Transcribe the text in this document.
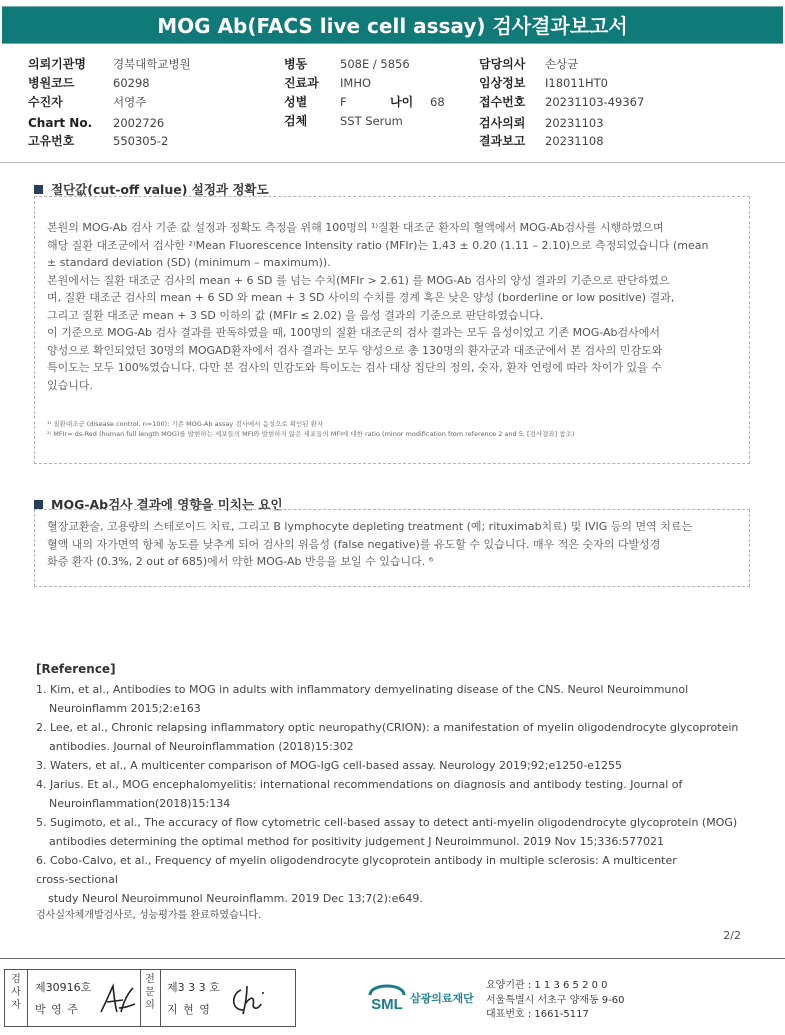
MOG Ab(FACS live cell assay) 검사결과보고서
의뢰기관명 경북대학교병원
병원코드	60298
수진자	서영주
Chart No. 2002726
고유번호	550305-2
병동	508E / 5856
진료과 IMHO
성별	F	나이 68
검체	SST Serum
담당의사 손상균
임상정보 I18011HT0
접수번호 20231103-49367
검사의뢰 20231103
결과보고 20231108
절단값(cut-off value) 설정과 정확도

본원의 MOG-Ab 검사 기준 값 설정과 정확도 측정을 위해 100명의 ¹⁾질환 대조군 환자의 혈액에서 MOG-Ab검사를 시행하였으며

해당 질환 대조군에서 검사한 ²⁾Mean Fluorescence Intensity ratio (MFIr)는 1.43 ± 0.20 (1.11 – 2.10)으로 측정되었습니다 (mean

± standard deviation (SD) (minimum – maximum)).

본원에서는 질환 대조군 검사의 mean + 6 SD 를 넘는 수치(MFIr > 2.61) 를 MOG-Ab 검사의 양성 결과의 기준으로 판단하였으

며, 질환 대조군 검사의 mean + 6 SD 와 mean + 3 SD 사이의 수치를 경계 혹은 낮은 양성 (borderline or low positive) 결과,

그리고 질환 대조군 mean + 3 SD 이하의 값 (MFIr ≤ 2.02) 을 음성 결과의 기준으로 판단하였습니다.

이 기준으로 MOG-Ab 검사 결과를 판독하였을 때, 100명의 질환 대조군의 검사 결과는 모두 음성이었고 기존 MOG-Ab검사에서

양성으로 확인되었던 30명의 MOGAD환자에서 검사 결과는 모두 양성으로 총 130명의 환자군과 대조군에서 본 검사의 민감도와

특이도는 모두 100%였습니다. 다만 본 검사의 민감도와 특이도는 검사 대상 집단의 정의, 숫자, 환자 연령에 따라 차이가 있을 수

있습니다.

¹⁾ 질환대조군 (disease control, n=100): 기존 MOG-Ab assay 검사에서 음성으로 확인된 환자
²⁾ MFIr= ds-Red (human full length MOG)를 발현하는 세포들의 MFI와 발현하지 않은 세포들의 MFI에 대한 ratio (minor modification from reference 2 and 5, [검사결과] 참조)
MOG-Ab검사 결과에 영향을 미치는 요인

혈장교환술, 고용량의 스테로이드 치료, 그리고 B lymphocyte depleting treatment (예; rituximab치료) 및 IVIG 등의 면역 치료는

혈액 내의 자가면역 항체 농도를 낮추게 되어 검사의 위음성 (false negative)를 유도할 수 있습니다. 매우 적은 숫자의 다발성경

화증 환자 (0.3%, 2 out of 685)에서 약한 MOG-Ab 반응을 보일 수 있습니다. ⁶

[Reference]
1. Kim, et al., Antibodies to MOG in adults with inflammatory demyelinating disease of the CNS. Neurol Neuroimmunol
Neuroinflamm 2015;2:e163
2. Lee, et al., Chronic relapsing inflammatory optic neuropathy(CRION): a manifestation of myelin oligodendrocyte glycoprotein
antibodies. Journal of Neuroinflammation (2018)15:302
3. Waters, et al., A multicenter comparison of MOG-IgG cell-based assay. Neurology 2019;92;e1250-e1255
4. Jarius. Et al., MOG encephalomyelitis: international recommendations on diagnosis and antibody testing. Journal of
Neuroinflammation(2018)15:134
5. Sugimoto, et al., The accuracy of flow cytometric cell-based assay to detect anti-myelin oligodendrocyte glycoprotein (MOG)
antibodies determining the optimal method for positivity judgement J Neuroimmunol. 2019 Nov 15;336:577021
6. Cobo-Calvo, et al., Frequency of myelin oligodendrocyte glycoprotein antibody in multiple sclerosis: A multicenter
cross-sectional
study Neurol Neuroimmunol Neuroinflamm. 2019 Dec 13;7(2):e649.
검사실자체개발검사로, 성능평가를 완료하였습니다.
2/2
검
사
자
제30916호
박 영 주
전
문
의
제3 3 3 호
지 현 영	SML 삼광의료재단
요양기관 : 1 1 3 6 5 2 0 0
서울특별시 서초구 양재동 9-60
대표번호 : 1661-5117
